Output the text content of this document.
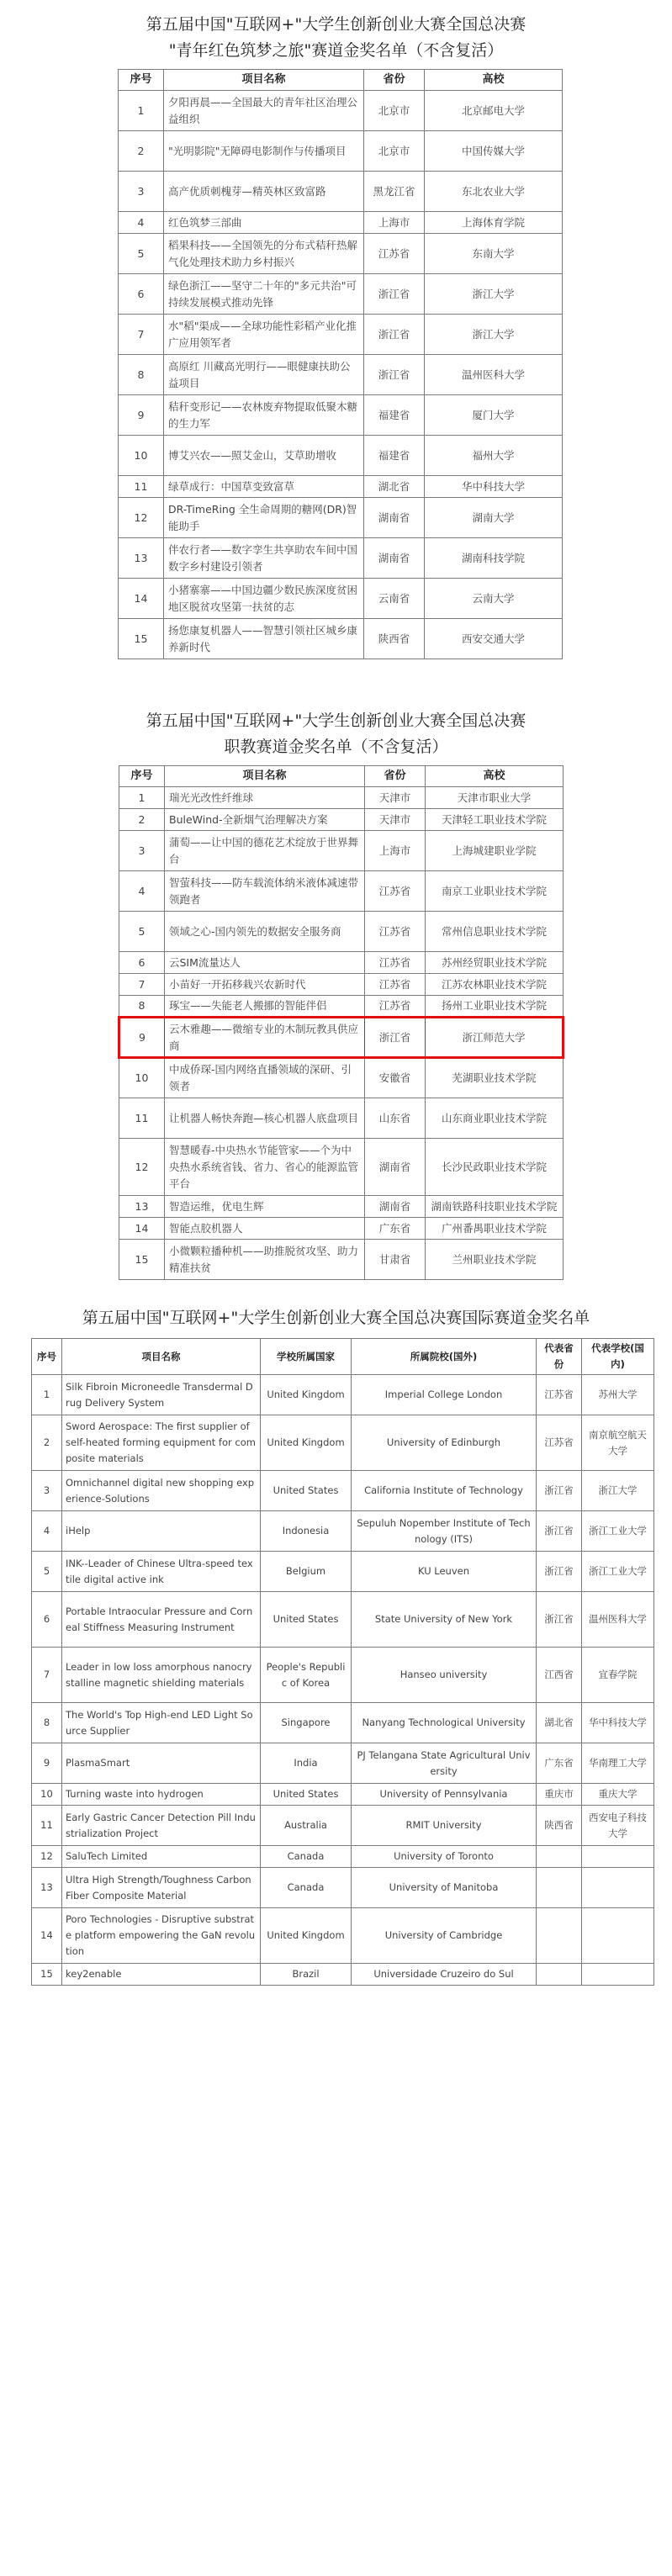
第五届中国"互联网+"大学生创新创业大赛全国总决赛
"青年红色筑梦之旅"赛道金奖名单（不含复活）
序号	项目名称	省份	高校
1	夕阳再晨——全国最大的青年社区治理公益组织	北京市	北京邮电大学
2	"光明影院"无障碍电影制作与传播项目	北京市	中国传媒大学
3	高产优质刺槐芽—精英林区致富路	黑龙江省	东北农业大学
4	红色筑梦三部曲	上海市	上海体育学院
5	稻果科技——全国领先的分布式秸秆热解气化处理技术助力乡村振兴	江苏省	东南大学
6	绿色浙江——坚守二十年的"多元共治"可持续发展模式推动先锋	浙江省	浙江大学
7	水"稻"渠成——全球功能性彩稻产业化推广应用领军者	浙江省	浙江大学
8	高原红 川藏高光明行——眼健康扶助公益项目	浙江省	温州医科大学
9	秸秆变形记——农林废弃物提取低聚木糖的生力军	福建省	厦门大学
10	博艾兴农——照艾金山，艾草助增收	福建省	福州大学
11	绿草成行：中国草变致富草	湖北省	华中科技大学
12	DR-TimeRing 全生命周期的糖网(DR)智能助手	湖南省	湖南大学
13	伴农行者——数字孪生共享助农车间中国数字乡村建设引领者	湖南省	湖南科技学院
14	小猪寨寨——中国边疆少数民族深度贫困地区脱贫攻坚第一扶贫的志	云南省	云南大学
15	扬您康复机器人——智慧引领社区城乡康养新时代	陕西省	西安交通大学
第五届中国"互联网+"大学生创新创业大赛全国总决赛
职教赛道金奖名单（不含复活）
序号	项目名称	省份	高校
1	瑞光光改性纤维球	天津市	天津市职业大学
2	BuleWind-全新烟气治理解决方案	天津市	天津轻工职业技术学院
3	蒲萄——让中国的德花艺术绽放于世界舞台	上海市	上海城建职业学院
4	智萤科技——防车载流体纳米液体减速带领跑者	江苏省	南京工业职业技术学院
5	领域之心-国内领先的数据安全服务商	江苏省	常州信息职业技术学院
6	云SIM流量达人	江苏省	苏州经贸职业技术学院
7	小苗好一开拓移栽兴农新时代	江苏省	江苏农林职业技术学院
8	琢宝——失能老人搬挪的智能伴侣	江苏省	扬州工业职业技术学院
9	云木雅趣——微缩专业的木制玩教具供应商	浙江省	浙江师范大学
10	中成侨琛-国内网络直播领域的深研、引领者	安徽省	芜湖职业技术学院
11	让机器人畅快奔跑—核心机器人底盘项目	山东省	山东商业职业技术学院
12	智慧暖春-中央热水节能管家——个为中央热水系统省钱、省力、省心的能源监管平台	湖南省	长沙民政职业技术学院
13	智造运维，优电生辉	湖南省	湖南铁路科技职业技术学院
14	智能点胶机器人	广东省	广州番禺职业技术学院
15	小微颗粒播种机——助推脱贫攻坚、助力精准扶贫	甘肃省	兰州职业技术学院
第五届中国"互联网+"大学生创新创业大赛全国总决赛国际赛道金奖名单
序号	项目名称	学校所属国家	所属院校(国外)	代表省份	代表学校(国内)
1	Silk Fibroin Microneedle Transdermal Drug Delivery System	United Kingdom	Imperial College London	江苏省	苏州大学
2	Sword Aerospace: The first supplier of self-heated forming equipment for composite materials	United Kingdom	University of Edinburgh	江苏省	南京航空航天大学
3	Omnichannel digital new shopping experience-Solutions	United States	California Institute of Technology	浙江省	浙江大学
4	iHelp	Indonesia	Sepuluh Nopember Institute of Technology (ITS)	浙江省	浙江工业大学
5	INK--Leader of Chinese Ultra-speed textile digital active ink	Belgium	KU Leuven	浙江省	浙江工业大学
6	Portable Intraocular Pressure and Corneal Stiffness Measuring Instrument	United States	State University of New York	浙江省	温州医科大学
7	Leader in low loss amorphous nanocrystalline magnetic shielding materials	People's Republic of Korea	Hanseo university	江西省	宜春学院
8	The World's Top High-end LED Light Source Supplier	Singapore	Nanyang Technological University	湖北省	华中科技大学
9	PlasmaSmart	India	PJ Telangana State Agricultural University	广东省	华南理工大学
10	Turning waste into hydrogen	United States	University of Pennsylvania	重庆市	重庆大学
11	Early Gastric Cancer Detection Pill Industrialization Project	Australia	RMIT University	陕西省	西安电子科技大学
12	SaluTech Limited	Canada	University of Toronto		
13	Ultra High Strength/Toughness Carbon Fiber Composite Material	Canada	University of Manitoba		
14	Poro Technologies - Disruptive substrate platform empowering the GaN revolution	United Kingdom	University of Cambridge		
15	key2enable	Brazil	Universidade Cruzeiro do Sul		
